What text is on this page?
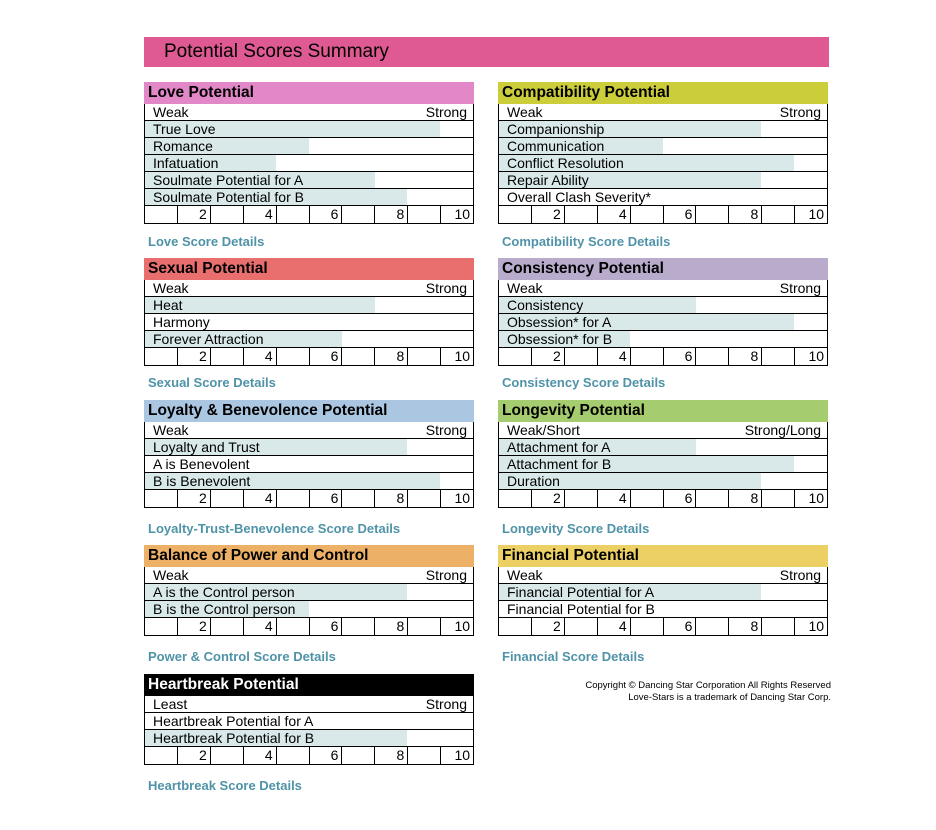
Potential Scores Summary
Love Potential
Weak	Strong
True Love
Romance
Infatuation
Soulmate Potential for A
Soulmate Potential for B
2	4	6	8	10
Love Score Details
Compatibility Potential
Weak	Strong
Companionship
Communication
Conflict Resolution
Repair Ability
Overall Clash Severity*
2	4	6	8	10
Compatibility Score Details
Sexual Potential
Weak	Strong
Heat
Harmony
Forever Attraction
2	4	6	8	10
Sexual Score Details
Consistency Potential
Weak	Strong
Consistency
Obsession* for A
Obsession* for B
2	4	6	8	10
Consistency Score Details
Loyalty & Benevolence Potential
Weak	Strong
Loyalty and Trust
A is Benevolent
B is Benevolent
2	4	6	8	10
Loyalty-Trust-Benevolence Score Details
Longevity Potential
Weak/Short	Strong/Long
Attachment for A
Attachment for B
Duration
2	4	6	8	10
Longevity Score Details
Balance of Power and Control
Weak	Strong
A is the Control person
B is the Control person
2	4	6	8	10
Power & Control Score Details
Financial Potential
Weak	Strong
Financial Potential for A
Financial Potential for B
2	4	6	8	10
Financial Score Details
Heartbreak Potential
Least	Strong
Heartbreak Potential for A
Heartbreak Potential for B
2	4	6	8	10
Heartbreak Score Details
Copyright © Dancing Star Corporation All Rights Reserved
Love-Stars is a trademark of Dancing Star Corp.
